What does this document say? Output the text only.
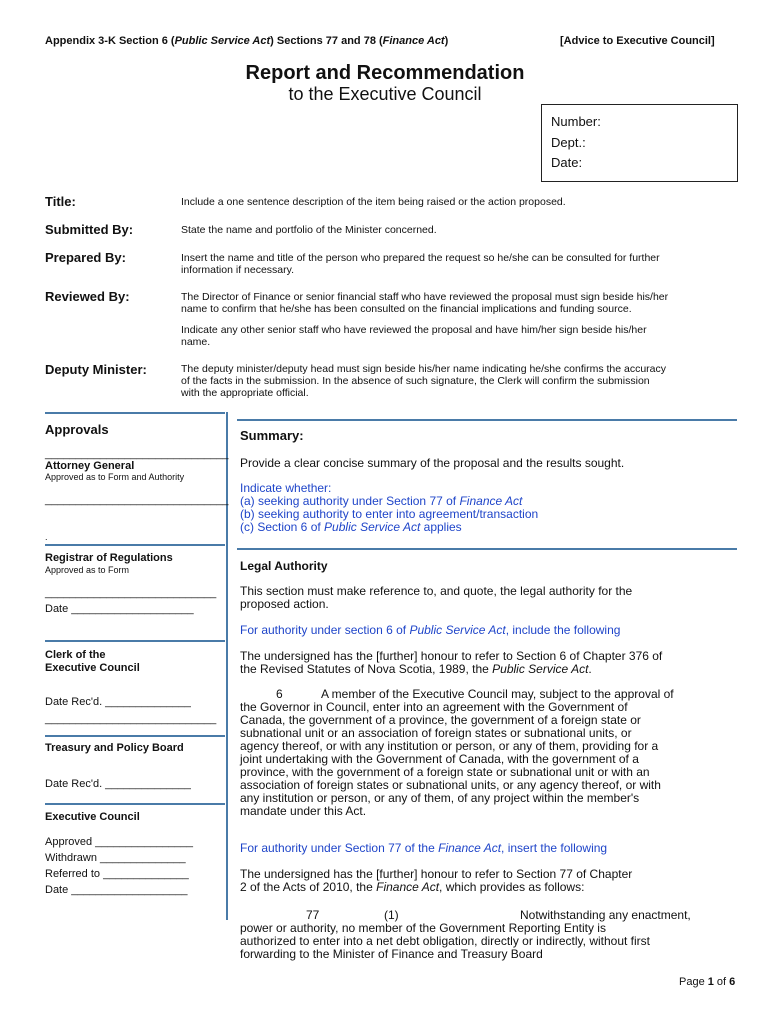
Appendix 3-K Section 6 (Public Service Act) Sections 77 and 78 (Finance Act)	[Advice to Executive Council]
Report and Recommendation
to the Executive Council
Number:
Dept.:
Date:
Title:	Include a one sentence description of the item being raised or the action proposed.
Submitted By:	State the name and portfolio of the Minister concerned.
Prepared By:	Insert the name and title of the person who prepared the request so he/she can be consulted for further
information if necessary.
Reviewed By:	The Director of Finance or senior financial staff who have reviewed the proposal must sign beside his/her
name to confirm that he/she has been consulted on the financial implications and funding source.
Indicate any other senior staff who have reviewed the proposal and have him/her sign beside his/her
name.
Deputy Minister:	The deputy minister/deputy head must sign beside his/her name indicating he/she confirms the accuracy
of the facts in the submission. In the absence of such signature, the Clerk will confirm the submission
with the appropriate official.
Approvals
______________________________
Attorney General
Approved as to Form and Authority
______________________________
.
Registrar of Regulations
Approved as to Form
____________________________
Date ____________________
Clerk of the
Executive Council
Date Rec'd. ______________
____________________________
Treasury and Policy Board
Date Rec'd. ______________
Executive Council
Approved ________________
Withdrawn ______________
Referred to ______________
Date ___________________
Summary:
Provide a clear concise summary of the proposal and the results sought.
Indicate whether:
(a) seeking authority under Section 77 of Finance Act
(b) seeking authority to enter into agreement/transaction
(c) Section 6 of Public Service Act applies
Legal Authority
This section must make reference to, and quote, the legal authority for the
proposed action.
For authority under section 6 of Public Service Act, include the following
The undersigned has the [further] honour to refer to Section 6 of Chapter 376 of
the Revised Statutes of Nova Scotia, 1989, the Public Service Act.
6	A member of the Executive Council may, subject to the approval of
the Governor in Council, enter into an agreement with the Government of
Canada, the government of a province, the government of a foreign state or
subnational unit or an association of foreign states or subnational units, or
agency thereof, or with any institution or person, or any of them, providing for a
joint undertaking with the Government of Canada, with the government of a
province, with the government of a foreign state or subnational unit or with an
association of foreign states or subnational units, or any agency thereof, or with
any institution or person, or any of them, of any project within the member's
mandate under this Act.
For authority under Section 77 of the Finance Act, insert the following
The undersigned has the [further] honour to refer to Section 77 of Chapter
2 of the Acts of 2010, the Finance Act, which provides as follows:
77	(1)	Notwithstanding any enactment,
power or authority, no member of the Government Reporting Entity is
authorized to enter into a net debt obligation, directly or indirectly, without first
forwarding to the Minister of Finance and Treasury Board
Page 1 of 6
